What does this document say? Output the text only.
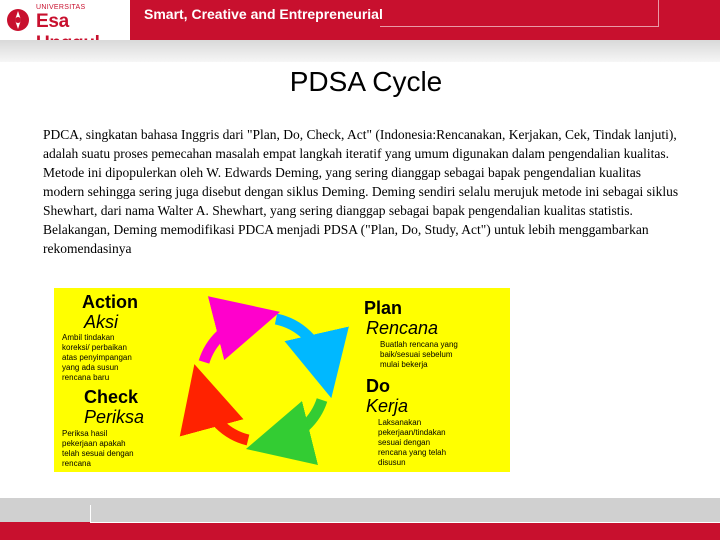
UNIVERSITAS
Esa	Smart, Creative and Entrepreneurial
PDSA Cycle
PDCA, singkatan bahasa Inggris dari "Plan, Do, Check, Act" (Indonesia:Rencanakan, Kerjakan, Cek, Tindak lanjuti), adalah suatu proses pemecahan masalah empat langkah iteratif yang umum digunakan dalam pengendalian kualitas. Metode ini dipopulerkan oleh W. Edwards Deming, yang sering dianggap sebagai bapak pengendalian kualitas modern sehingga sering juga disebut dengan siklus Deming. Deming sendiri selalu merujuk metode ini sebagai siklus Shewhart, dari nama Walter A. Shewhart, yang sering dianggap sebagai bapak pengendalian kualitas statistis. Belakangan, Deming memodifikasi PDCA menjadi PDSA ("Plan, Do, Study, Act") untuk lebih menggambarkan rekomendasinya
Action
Aksi
Ambil tindakan
koreksi/ perbaikan
atas penyimpangan
yang ada susun
rencana baru
Plan
Rencana
Buatlah rencana yang
baik/sesuai sebelum
mulai bekerja
Check
Periksa
Periksa hasil
pekerjaan apakah
telah sesuai dengan
rencana
Do
Kerja
Laksanakan
pekerjaan/tindakan
sesuai dengan
rencana yang telah
disusun
